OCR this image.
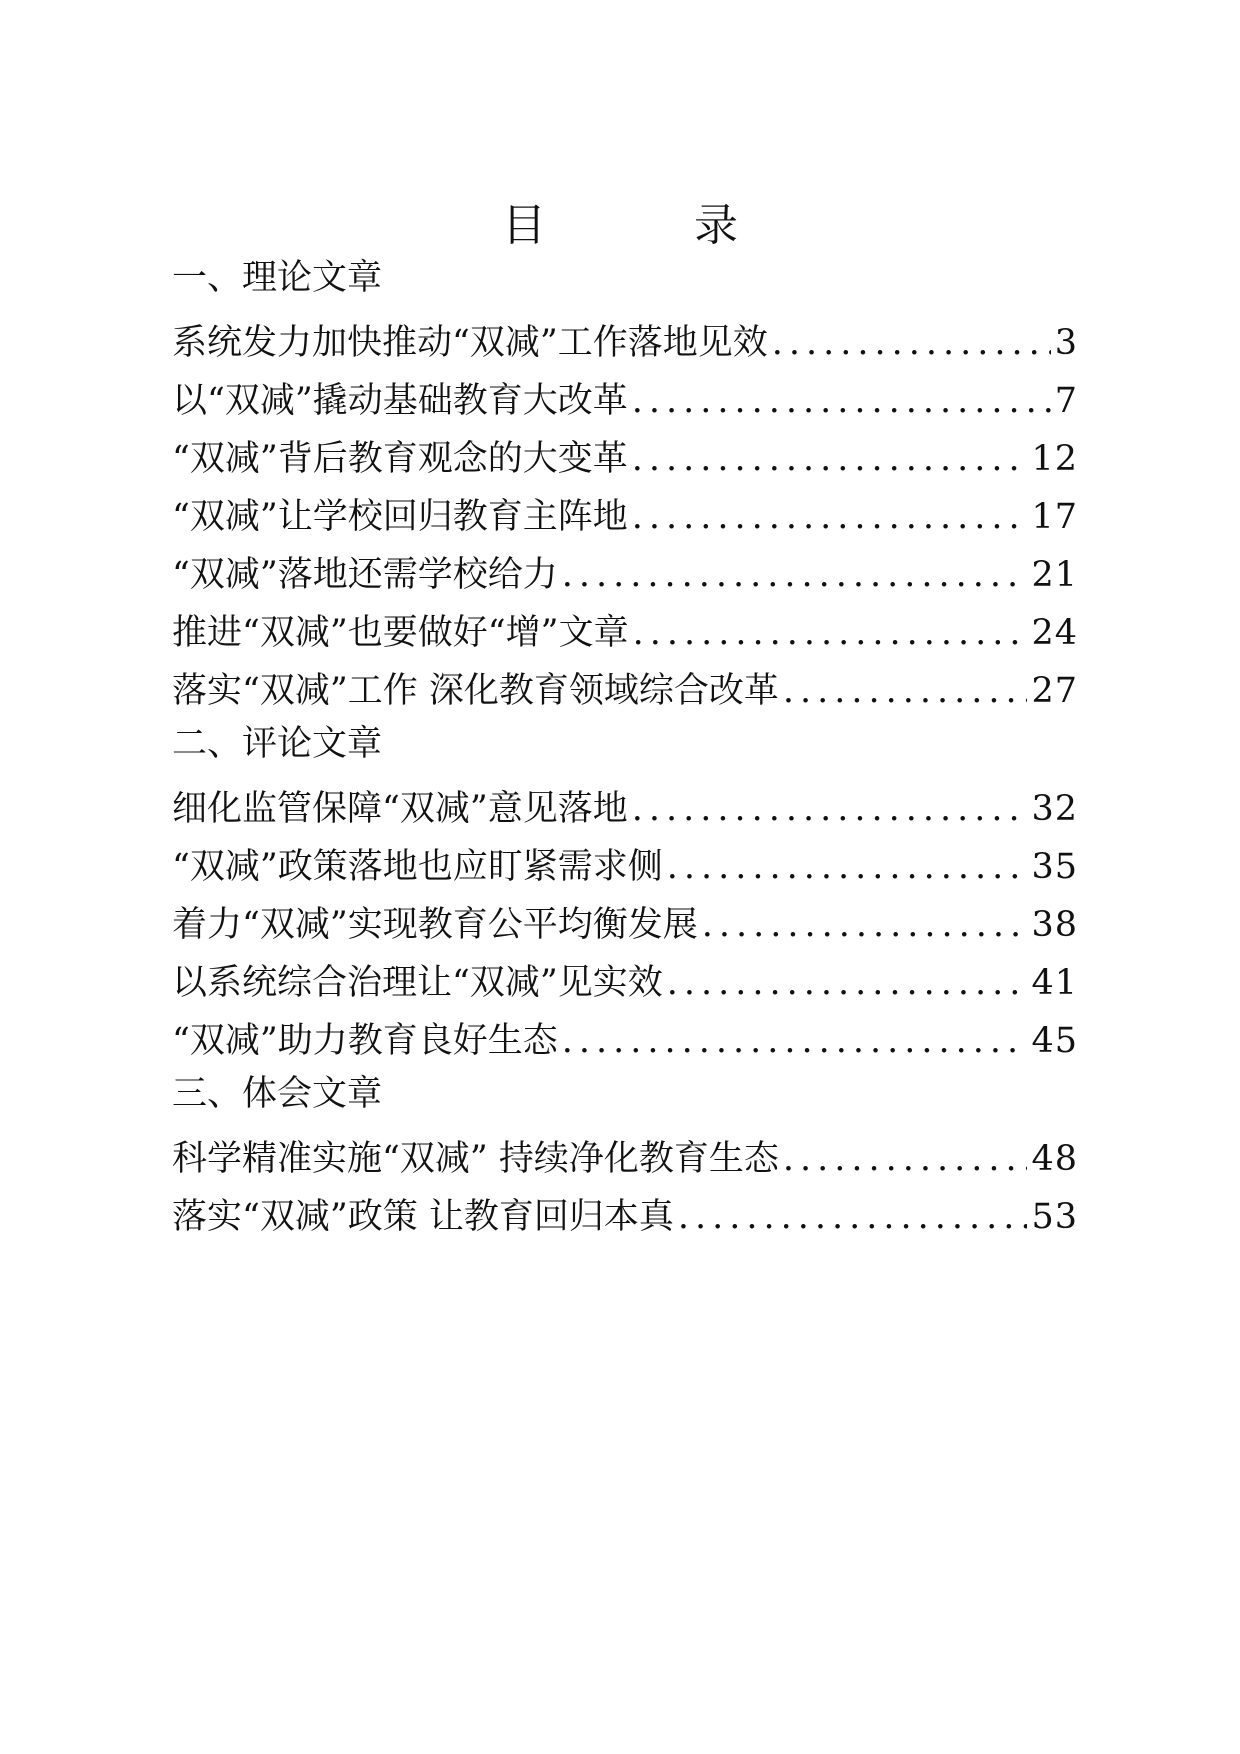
目　录
一、理论文章
系统发力加快推动“双减”工作落地见效 .....	3
以“双减”撬动基础教育大改革 .....	7
“双减”背后教育观念的大变革 .....	12
“双减”让学校回归教育主阵地 .....	17
“双减”落地还需学校给力 .....	21
推进“双减”也要做好“增”文章 .....	24
落实“双减”工作 深化教育领域综合改革 .....	27
二、评论文章
细化监管保障“双减”意见落地 .....	32
“双减”政策落地也应盯紧需求侧 .....	35
着力“双减”实现教育公平均衡发展 .....	38
以系统综合治理让“双减”见实效 .....	41
“双减”助力教育良好生态 .....	45
三、体会文章
科学精准实施“双减” 持续净化教育生态 .....	48
落实“双减”政策 让教育回归本真 .....	53
